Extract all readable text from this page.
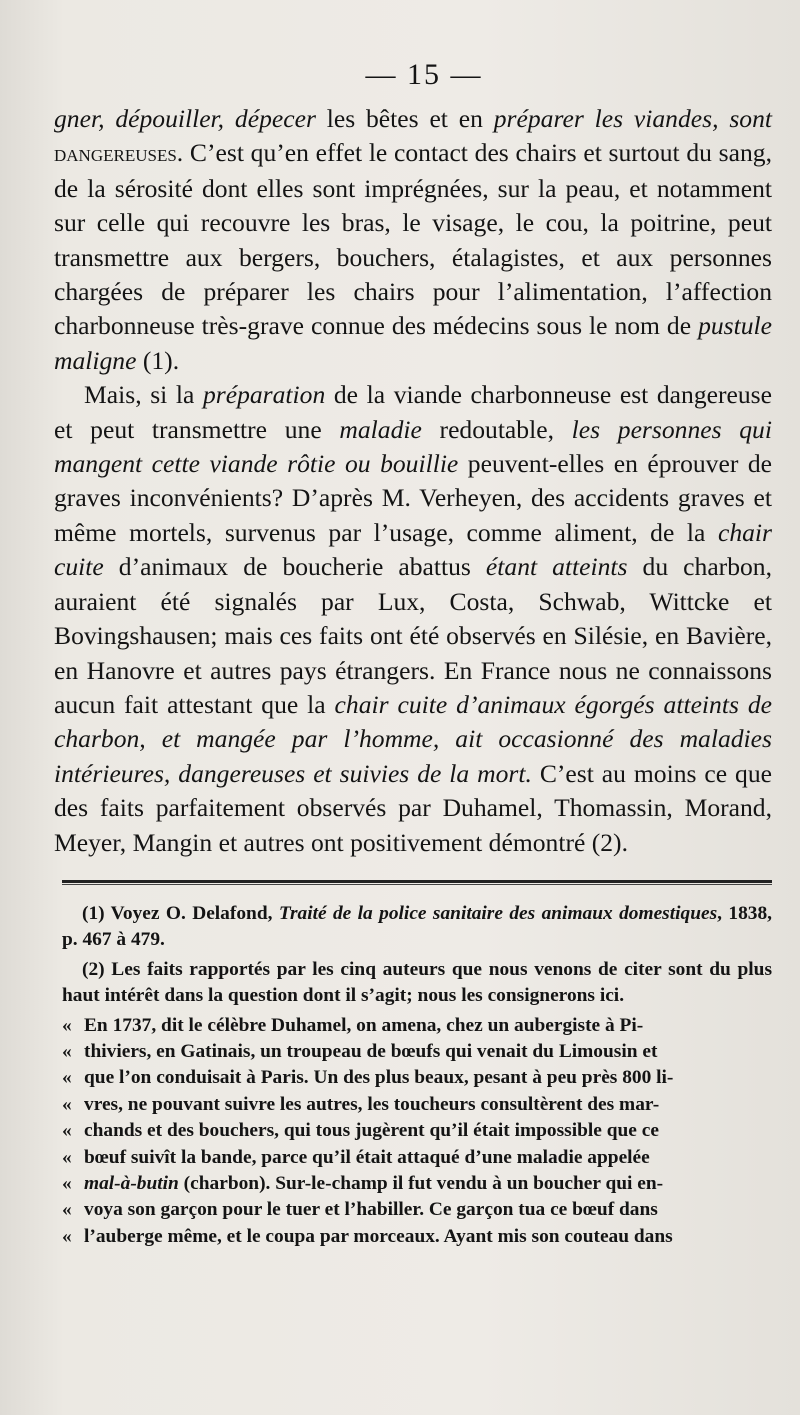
— 15 —

gner, dépouiller, dépecer les bêtes et en préparer les viandes, sont dangereuses. C’est qu’en effet le contact des chairs et surtout du sang, de la sérosité dont elles sont imprégnées, sur la peau, et notamment sur celle qui recouvre les bras, le visage, le cou, la poitrine, peut transmettre aux bergers, bouchers, étalagistes, et aux personnes chargées de préparer les chairs pour l’alimentation, l’affection charbonneuse très-grave connue des médecins sous le nom de pustule maligne (1).

Mais, si la préparation de la viande charbonneuse est dangereuse et peut transmettre une maladie redoutable, les personnes qui mangent cette viande rôtie ou bouillie peuvent-elles en éprouver de graves inconvénients? D’après M. Verheyen, des accidents graves et même mortels, survenus par l’usage, comme aliment, de la chair cuite d’animaux de boucherie abattus étant atteints du charbon, auraient été signalés par Lux, Costa, Schwab, Wittcke et Bovingshausen; mais ces faits ont été observés en Silésie, en Bavière, en Hanovre et autres pays étrangers. En France nous ne connaissons aucun fait attestant que la chair cuite d’animaux égorgés atteints de charbon, et mangée par l’homme, ait occasionné des maladies intérieures, dangereuses et suivies de la mort. C’est au moins ce que des faits parfaitement observés par Duhamel, Thomassin, Morand, Meyer, Mangin et autres ont positivement démontré (2).

(1) Voyez O. Delafond, Traité de la police sanitaire des animaux domestiques, 1838, p. 467 à 479.

(2) Les faits rapportés par les cinq auteurs que nous venons de citer sont du plus haut intérêt dans la question dont il s’agit; nous les consignerons ici.

« En 1737, dit le célèbre Duhamel, on amena, chez un aubergiste à Pi-
« thiviers, en Gatinais, un troupeau de bœufs qui venait du Limousin et
« que l’on conduisait à Paris. Un des plus beaux, pesant à peu près 800 li-
« vres, ne pouvant suivre les autres, les toucheurs consultèrent des mar-
« chands et des bouchers, qui tous jugèrent qu’il était impossible que ce
« bœuf suivît la bande, parce qu’il était attaqué d’une maladie appelée
« mal-à-butin (charbon). Sur-le-champ il fut vendu à un boucher qui en-
« voya son garçon pour le tuer et l’habiller. Ce garçon tua ce bœuf dans
« l’auberge même, et le coupa par morceaux. Ayant mis son couteau dans
